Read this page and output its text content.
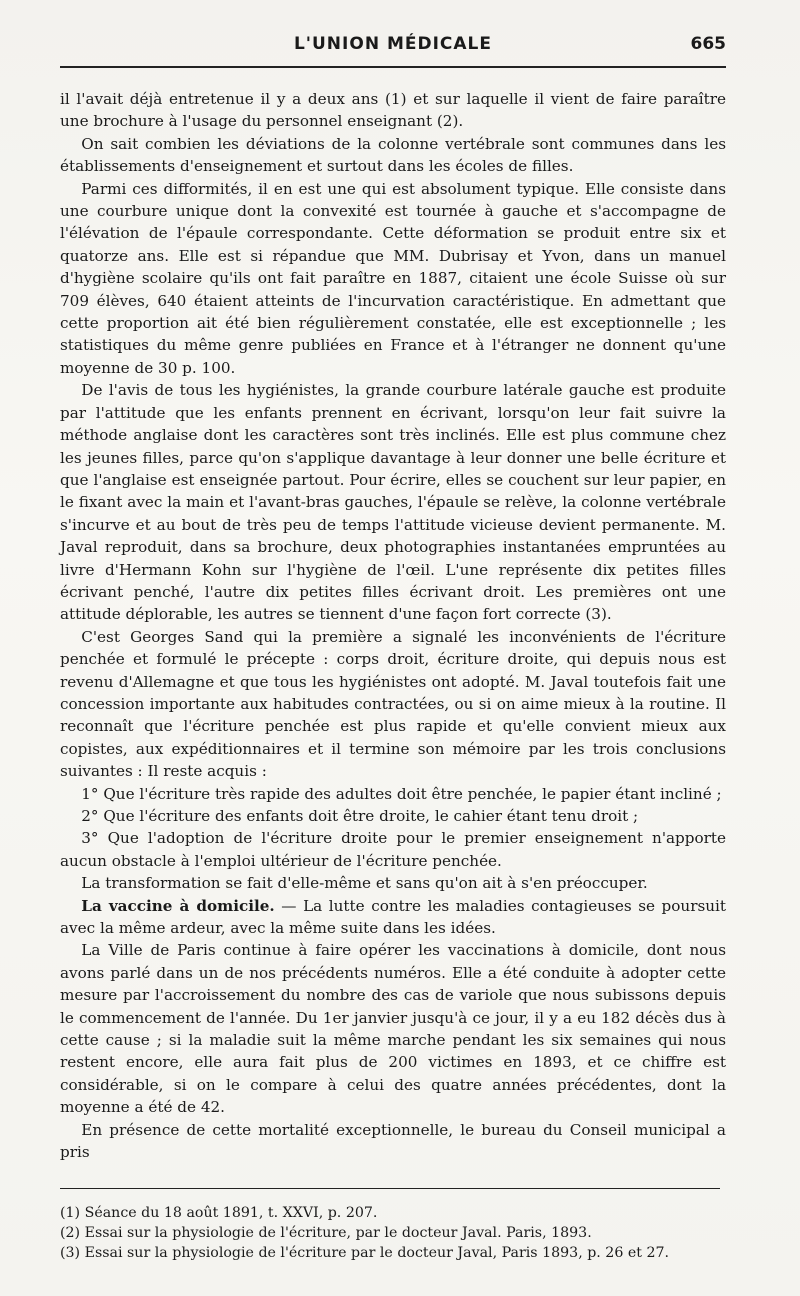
L'UNION MÉDICALE	665

il l'avait déjà entretenue il y a deux ans (1) et sur laquelle il vient de faire paraître une brochure à l'usage du personnel enseignant (2).

On sait combien les déviations de la colonne vertébrale sont communes dans les établissements d'enseignement et surtout dans les écoles de filles.

Parmi ces difformités, il en est une qui est absolument typique. Elle consiste dans une courbure unique dont la convexité est tournée à gauche et s'accompagne de l'élévation de l'épaule correspondante. Cette déformation se produit entre six et quatorze ans. Elle est si répandue que MM. Dubrisay et Yvon, dans un manuel d'hygiène scolaire qu'ils ont fait paraître en 1887, citaient une école Suisse où sur 709 élèves, 640 étaient atteints de l'incurvation caractéristique. En admettant que cette proportion ait été bien régulièrement constatée, elle est exceptionnelle ; les statistiques du même genre publiées en France et à l'étranger ne donnent qu'une moyenne de 30 p. 100.

De l'avis de tous les hygiénistes, la grande courbure latérale gauche est produite par l'attitude que les enfants prennent en écrivant, lorsqu'on leur fait suivre la méthode anglaise dont les caractères sont très inclinés. Elle est plus commune chez les jeunes filles, parce qu'on s'applique davantage à leur donner une belle écriture et que l'anglaise est enseignée partout. Pour écrire, elles se couchent sur leur papier, en le fixant avec la main et l'avant-bras gauches, l'épaule se relève, la colonne vertébrale s'incurve et au bout de très peu de temps l'attitude vicieuse devient permanente. M. Javal reproduit, dans sa brochure, deux photographies instantanées empruntées au livre d'Hermann Kohn sur l'hygiène de l'œil. L'une représente dix petites filles écrivant penché, l'autre dix petites filles écrivant droit. Les premières ont une attitude déplorable, les autres se tiennent d'une façon fort correcte (3).

C'est Georges Sand qui la première a signalé les inconvénients de l'écriture penchée et formulé le précepte : corps droit, écriture droite, qui depuis nous est revenu d'Allemagne et que tous les hygiénistes ont adopté. M. Javal toutefois fait une concession importante aux habitudes contractées, ou si on aime mieux à la routine. Il reconnaît que l'écriture penchée est plus rapide et qu'elle convient mieux aux copistes, aux expéditionnaires et il termine son mémoire par les trois conclusions suivantes : Il reste acquis :

1° Que l'écriture très rapide des adultes doit être penchée, le papier étant incliné ;

2° Que l'écriture des enfants doit être droite, le cahier étant tenu droit ;

3° Que l'adoption de l'écriture droite pour le premier enseignement n'apporte aucun obstacle à l'emploi ultérieur de l'écriture penchée.

La transformation se fait d'elle-même et sans qu'on ait à s'en préoccuper.

La vaccine à domicile. — La lutte contre les maladies contagieuses se poursuit avec la même ardeur, avec la même suite dans les idées.

La Ville de Paris continue à faire opérer les vaccinations à domicile, dont nous avons parlé dans un de nos précédents numéros. Elle a été conduite à adopter cette mesure par l'accroissement du nombre des cas de variole que nous subissons depuis le commencement de l'année. Du 1er janvier jusqu'à ce jour, il y a eu 182 décès dus à cette cause ; si la maladie suit la même marche pendant les six semaines qui nous restent encore, elle aura fait plus de 200 victimes en 1893, et ce chiffre est considérable, si on le compare à celui des quatre années précédentes, dont la moyenne a été de 42.

En présence de cette mortalité exceptionnelle, le bureau du Conseil municipal a pris

(1) Séance du 18 août 1891, t. XXVI, p. 207.
(2) Essai sur la physiologie de l'écriture, par le docteur Javal. Paris, 1893.
(3) Essai sur la physiologie de l'écriture par le docteur Javal, Paris 1893, p. 26 et 27.
